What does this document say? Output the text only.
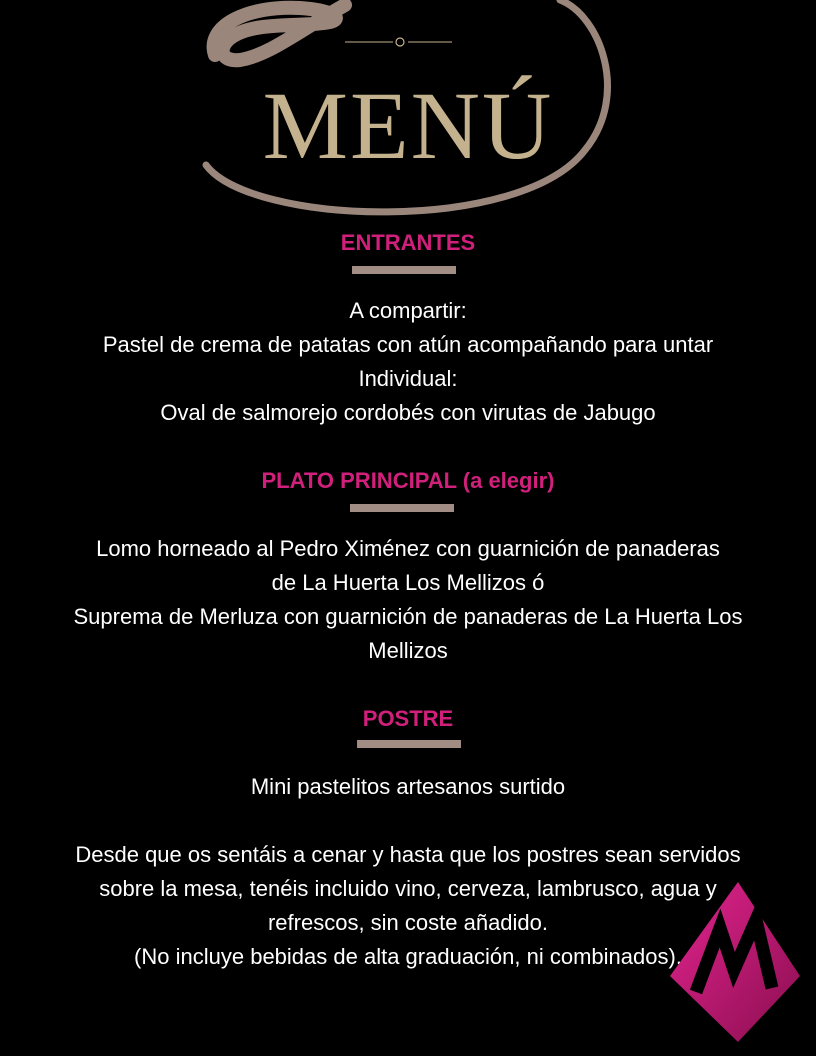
MENÚ
ENTRANTES
A compartir:
Pastel de crema de patatas con atún acompañando para untar
Individual:
Oval de salmorejo cordobés con virutas de Jabugo
PLATO PRINCIPAL (a elegir)
Lomo horneado al Pedro Ximénez con guarnición de panaderas
de La Huerta Los Mellizos ó
Suprema de Merluza con guarnición de panaderas de La Huerta Los
Mellizos
POSTRE
Mini pastelitos artesanos surtido
Desde que os sentáis a cenar y hasta que los postres sean servidos
sobre la mesa, tenéis incluido vino, cerveza, lambrusco, agua y
refrescos, sin coste añadido.
(No incluye bebidas de alta graduación, ni combinados).
